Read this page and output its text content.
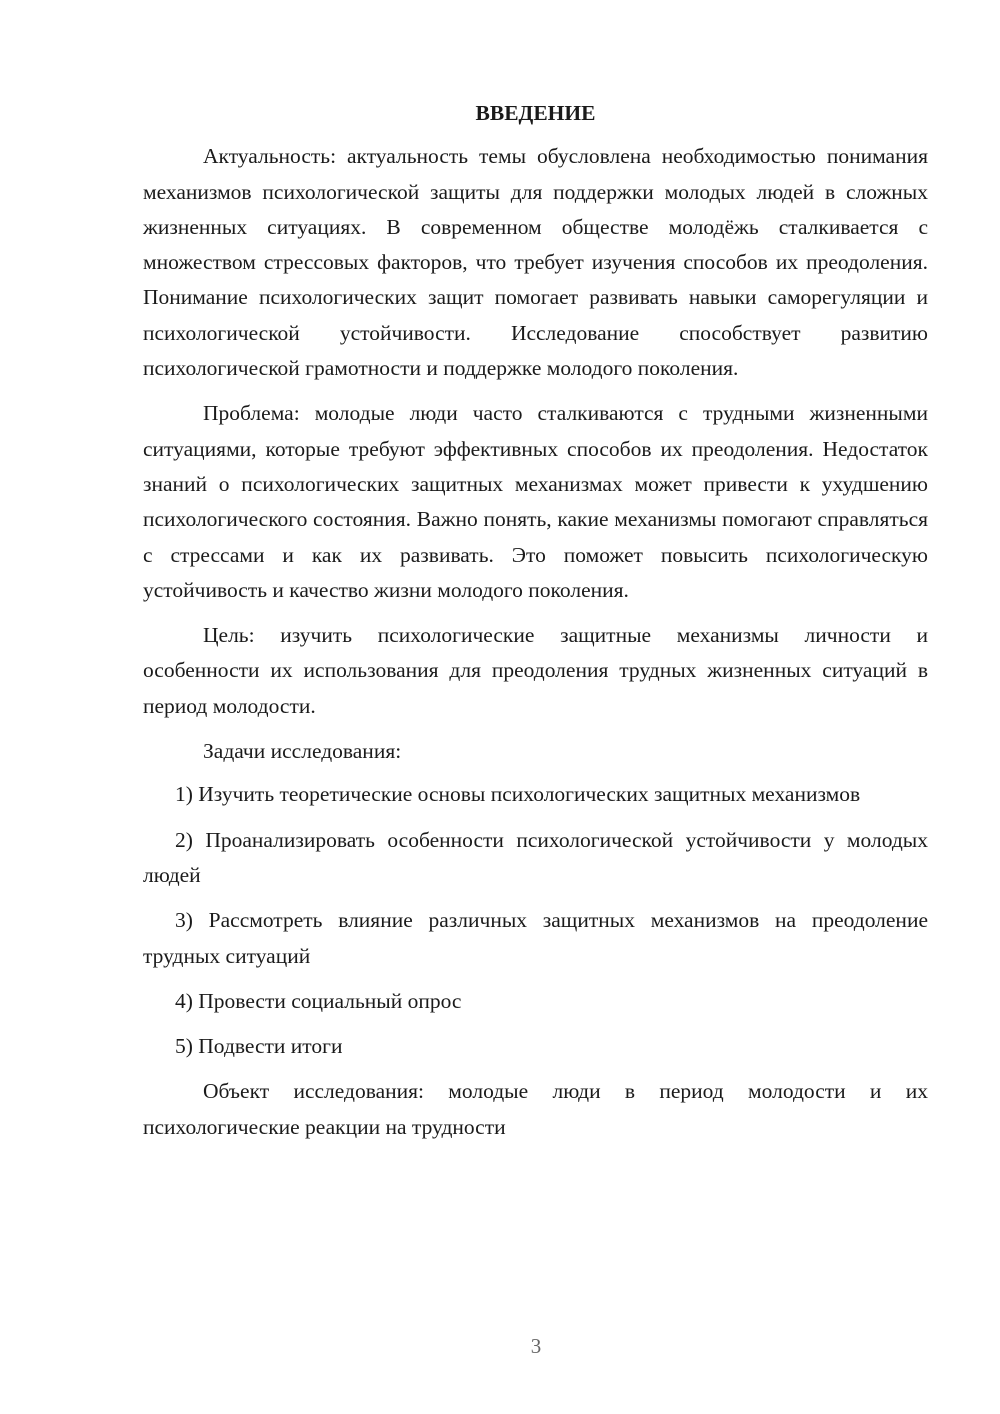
ВВЕДЕНИЕ

Актуальность: актуальность темы обусловлена необходимостью понимания механизмов психологической защиты для поддержки молодых людей в сложных жизненных ситуациях. В современном обществе молодёжь сталкивается с множеством стрессовых факторов, что требует изучения способов их преодоления. Понимание психологических защит помогает развивать навыки саморегуляции и психологической устойчивости. Исследование способствует развитию психологической грамотности и поддержке молодого поколения.

Проблема: молодые люди часто сталкиваются с трудными жизненными ситуациями, которые требуют эффективных способов их преодоления. Недостаток знаний о психологических защитных механизмах может привести к ухудшению психологического состояния. Важно понять, какие механизмы помогают справляться с стрессами и как их развивать. Это поможет повысить психологическую устойчивость и качество жизни молодого поколения.

Цель: изучить психологические защитные механизмы личности и особенности их использования для преодоления трудных жизненных ситуаций в период молодости.

Задачи исследования:

1) Изучить теоретические основы психологических защитных механизмов

2) Проанализировать особенности психологической устойчивости у молодых людей

3) Рассмотреть влияние различных защитных механизмов на преодоление трудных ситуаций

4) Провести социальный опрос

5) Подвести итоги

Объект исследования: молодые люди в период молодости и их психологические реакции на трудности

3
